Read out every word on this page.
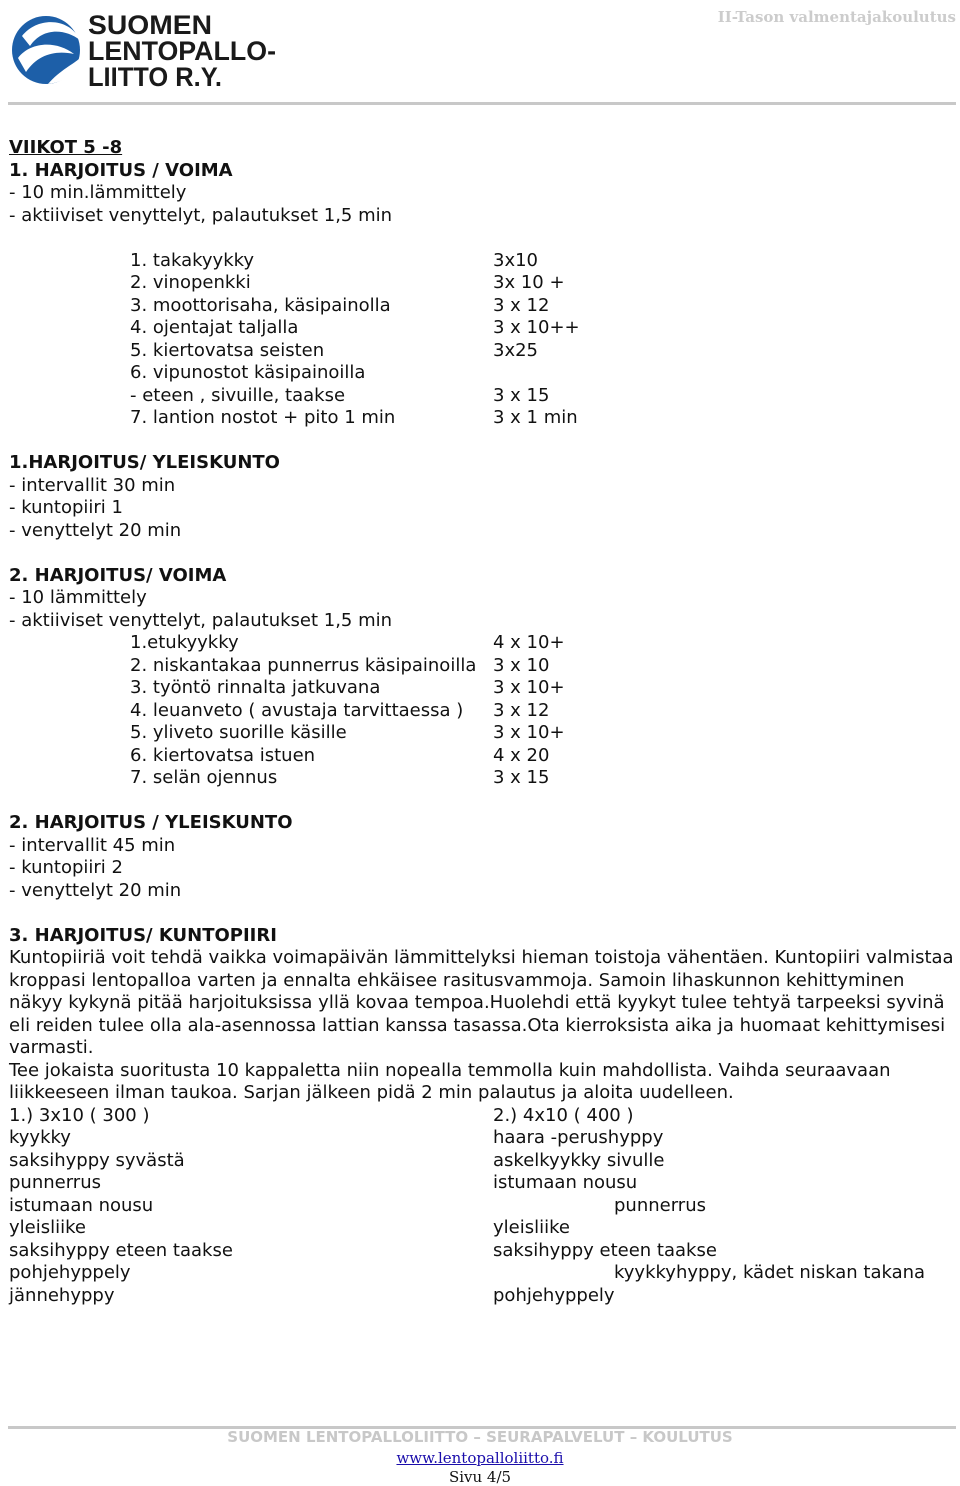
SUOMEN
LENTOPALLO-
LIITTO R.Y.
II-Tason valmentajakoulutus
VIIKOT 5 -8
1. HARJOITUS / VOIMA
- 10 min.lämmittely
- aktiiviset venyttelyt, palautukset 1,5 min
1. takakyykky	3x10
2. vinopenkki	3x 10 +
3. moottorisaha, käsipainolla	3 x 12
4. ojentajat taljalla	3 x 10++
5. kiertovatsa seisten	3x25
6. vipunostot käsipainoilla
- eteen , sivuille, taakse	3 x 15
7. lantion nostot + pito 1 min	3 x 1 min
1.HARJOITUS/ YLEISKUNTO
- intervallit 30 min
- kuntopiiri 1
- venyttelyt 20 min
2. HARJOITUS/ VOIMA
- 10 lämmittely
- aktiiviset venyttelyt, palautukset 1,5 min
1.etukyykky	4 x 10+
2. niskantakaa punnerrus käsipainoilla 3 x 10
3. työntö rinnalta jatkuvana	3 x 10+
4. leuanveto ( avustaja tarvittaessa ) 3 x 12
5. yliveto suorille käsille	3 x 10+
6. kiertovatsa istuen	4 x 20
7. selän ojennus	3 x 15
2. HARJOITUS / YLEISKUNTO
- intervallit 45 min
- kuntopiiri 2
- venyttelyt 20 min
3. HARJOITUS/ KUNTOPIIRI
Kuntopiiriä voit tehdä vaikka voimapäivän lämmittelyksi hieman toistoja vähentäen. Kuntopiiri valmistaa kroppasi lentopalloa varten ja ennalta ehkäisee rasitusvammoja. Samoin lihaskunnon kehittyminen näkyy kykynä pitää harjoituksissa yllä kovaa tempoa.Huolehdi että kyykyt tulee tehtyä tarpeeksi syvinä eli reiden tulee olla ala-asennossa lattian kanssa tasassa.Ota kierroksista aika ja huomaat kehittymisesi varmasti.
Tee jokaista suoritusta 10 kappaletta niin nopealla temmolla kuin mahdollista. Vaihda seuraavaan liikkeeseen ilman taukoa. Sarjan jälkeen pidä 2 min palautus ja aloita uudelleen.
1.) 3x10 ( 300 )	2.) 4x10 ( 400 )
kyykky	haara -perushyppy
saksihyppy syvästä	askelkyykky sivulle
punnerrus	istumaan nousu
istumaan nousu	punnerrus
yleisliike	yleisliike
saksihyppy eteen taakse	saksihyppy eteen taakse
pohjehyppely	kyykkyhyppy, kädet niskan takana
jännehyppy	pohjehyppely
SUOMEN LENTOPALLOLIITTO – SEURAPALVELUT – KOULUTUS
www.lentopalloliitto.fi
Sivu 4/5
